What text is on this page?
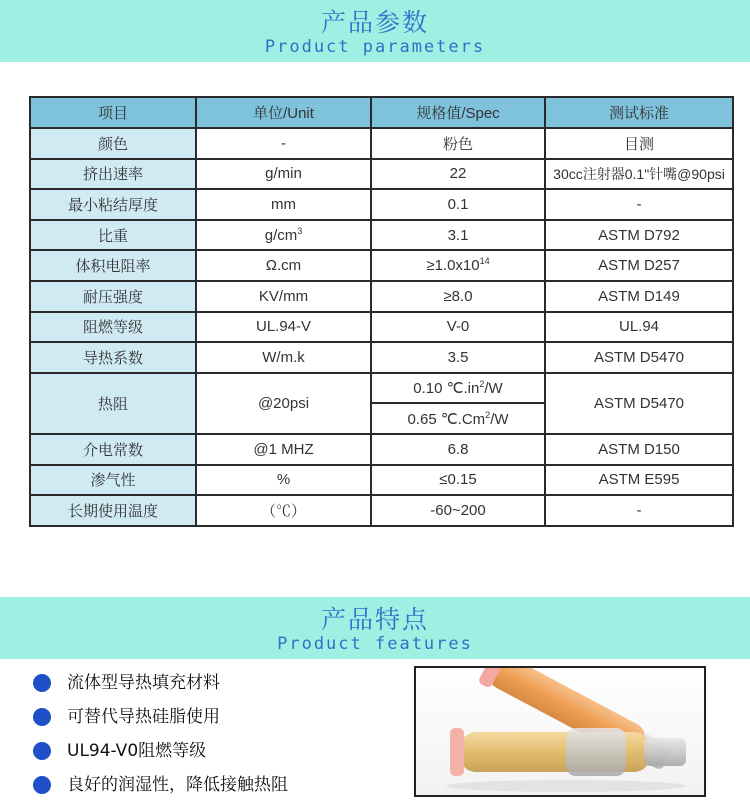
产品参数
Product parameters
项目	单位/Unit	规格值/Spec	测试标准
颜色	-	粉色	目测
挤出速率	g/min	22	30cc注射器0.1"针嘴@90psi
最小粘结厚度	mm	0.1	-
比重	$g/cm^3$	3.1	ASTM D792
体积电阻率	Ω.cm	$\ge 1.0x10^{14}$	ASTM D257
耐压强度	KV/mm	≥8.0	ASTM D149
阻燃等级	UL.94-V	V-0	UL.94
导热系数	W/m.k	3.5	ASTM D5470
热阻	@20psi	0.10 $℃.in^2/W$	ASTM D5470
		0.65 ℃.Cm$^2$/W	
介电常数	@1 MHZ	6.8	ASTM D150
渗气性	%	≤0.15	ASTM E595
长期使用温度	（℃）	-60~200	-
产品特点
Product features
流体型导热填充材料
可替代导热硅脂使用
UL94-V0阻燃等级
良好的润湿性，降低接触热阻
